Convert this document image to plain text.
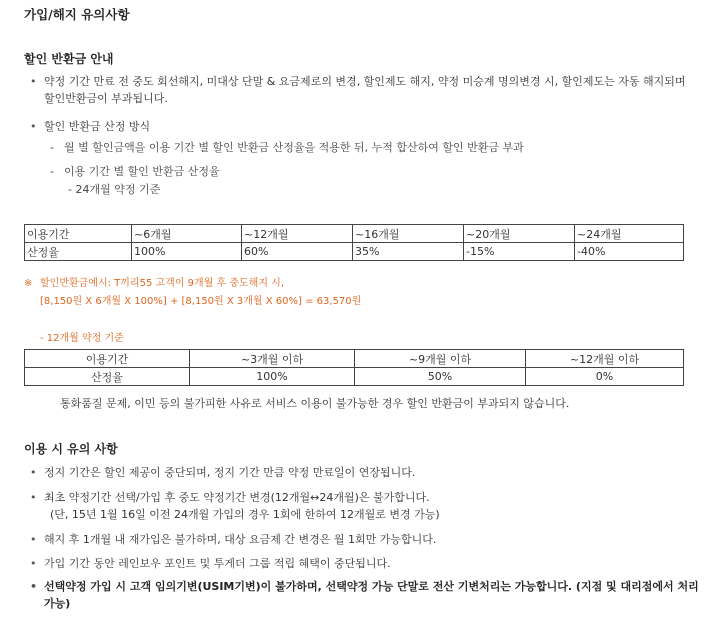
가입/해지 유의사항
할인 반환금 안내
• 약정 기간 만료 전 중도 회선해지, 미대상 단말 & 요금제로의 변경, 할인제도 해지, 약정 미승계 명의변경 시, 할인제도는 자동 해지되며
할인반환금이 부과됩니다.
• 할인 반환금 산정 방식
- 월 별 할인금액을 이용 기간 별 할인 반환금 산정율을 적용한 뒤, 누적 합산하여 할인 반환금 부과
- 이용 기간 별 할인 반환금 산정율
- 24개월 약정 기준
이용기간	~6개월	~12개월	~16개월	~20개월	~24개월
산정율	100%	60%	35%	-15%	-40%
※ 할인반환금예시: T끼리55 고객이 9개월 후 중도해지 시,
[8,150원 X 6개월 X 100%] + [8,150원 X 3개월 X 60%] = 63,570원
- 12개월 약정 기준
이용기간	~3개월 이하	~9개월 이하	~12개월 이하
산정율	100%	50%	0%
통화품질 문제, 이민 등의 불가피한 사유로 서비스 이용이 불가능한 경우 할인 반환금이 부과되지 않습니다.
이용 시 유의 사항
• 정지 기간은 할인 제공이 중단되며, 정지 기간 만큼 약정 만료일이 연장됩니다.
• 최초 약정기간 선택/가입 후 중도 약정기간 변경(12개월↔24개월)은 불가합니다.
(단, 15년 1월 16일 이전 24개월 가입의 경우 1회에 한하여 12개월로 변경 가능)
• 해지 후 1개월 내 재가입은 불가하며, 대상 요금제 간 변경은 월 1회만 가능합니다.
• 가입 기간 동안 레인보우 포인트 및 투게더 그룹 적립 혜택이 중단됩니다.
• 선택약정 가입 시 고객 임의기변(USIM기변)이 불가하며, 선택약정 가능 단말로 전산 기변처리는 가능합니다. (지점 및 대리점에서 처리
가능)
